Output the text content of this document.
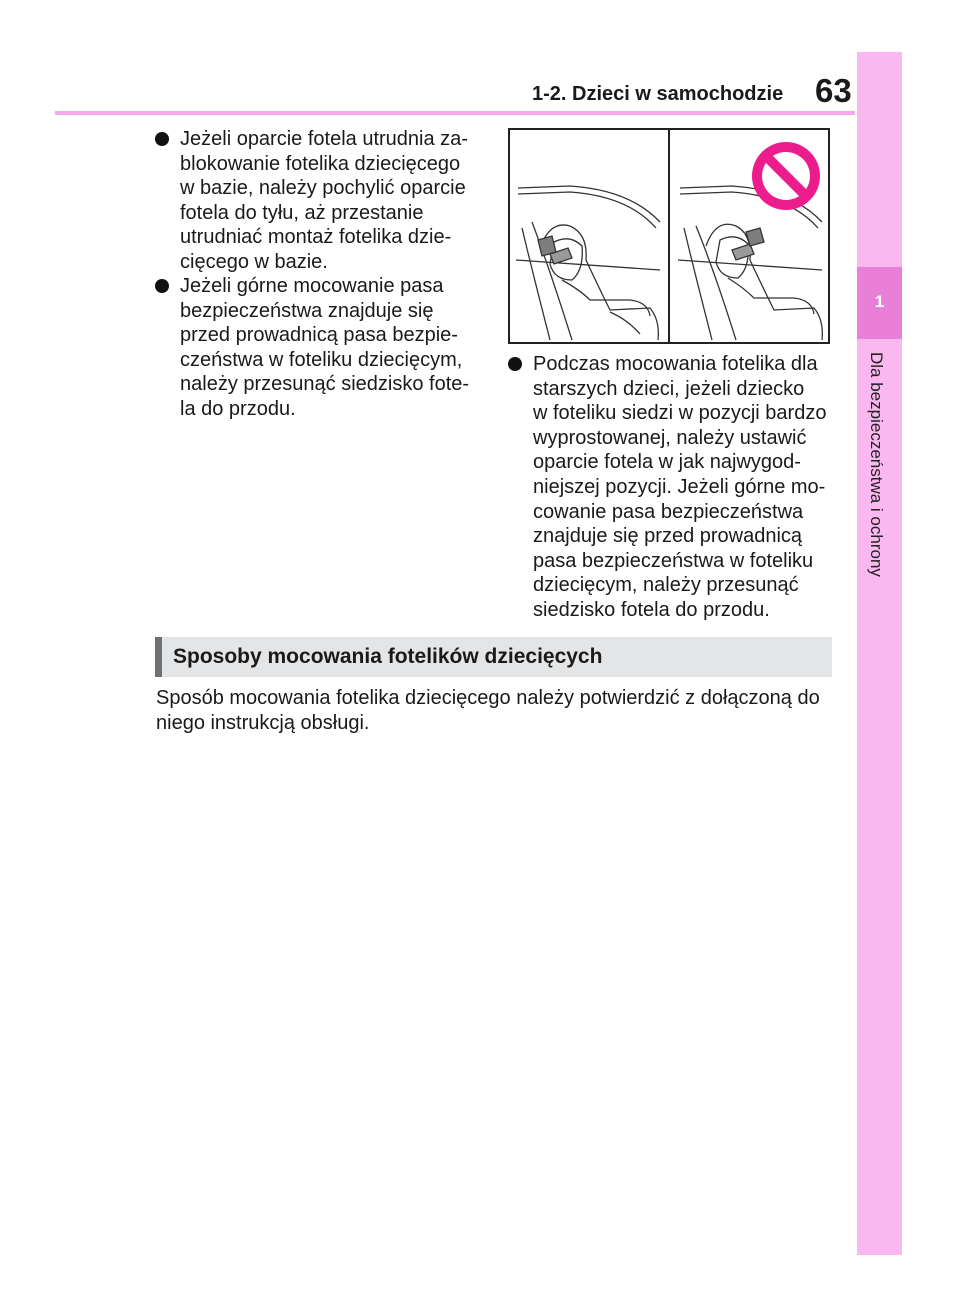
1-2. Dzieci w samochodzie 63
1
Dla bezpieczeństwa i ochrony
Jeżeli oparcie fotela utrudnia za-
blokowanie fotelika dziecięcego
w bazie, należy pochylić oparcie
fotela do tyłu, aż przestanie
utrudniać montaż fotelika dzie-
cięcego w bazie.
Jeżeli górne mocowanie pasa
bezpieczeństwa znajduje się
przed prowadnicą pasa bezpie-
czeństwa w foteliku dziecięcym,
należy przesunąć siedzisko fote-
la do przodu.
Podczas mocowania fotelika dla
starszych dzieci, jeżeli dziecko
w foteliku siedzi w pozycji bardzo
wyprostowanej, należy ustawić
oparcie fotela w jak najwygod-
niejszej pozycji. Jeżeli górne mo-
cowanie pasa bezpieczeństwa
znajduje się przed prowadnicą
pasa bezpieczeństwa w foteliku
dziecięcym, należy przesunąć
siedzisko fotela do przodu.
Sposoby mocowania fotelików dziecięcych
Sposób mocowania fotelika dziecięcego należy potwierdzić z dołączoną do
niego instrukcją obsługi.
